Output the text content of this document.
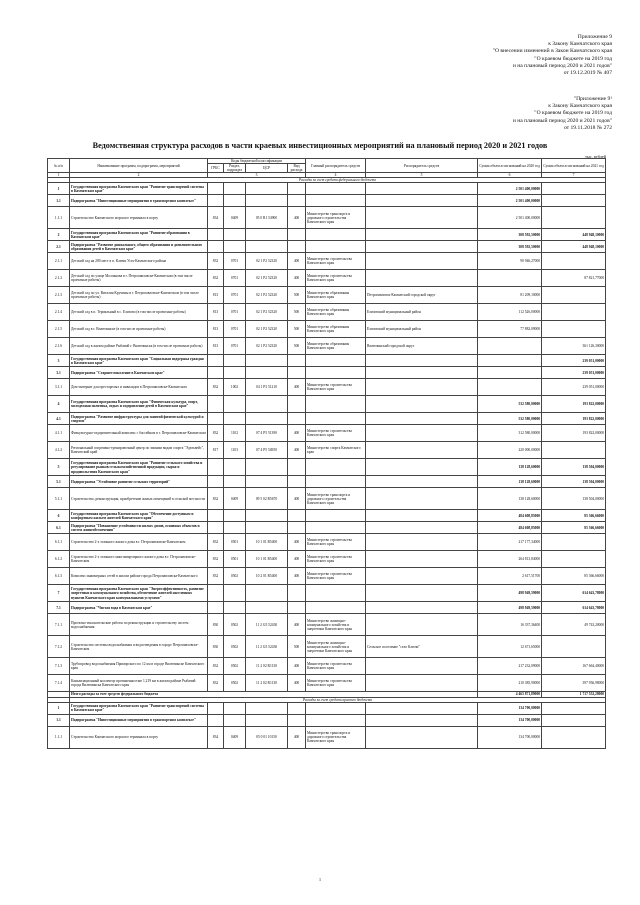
Приложение 9
к Закону Камчатского края
"О внесении изменений в Закон Камчатского края
"О краевом бюджете на 2019 год
и на плановый период 2020 и 2021 годов"
от 19.12.2019 № 407
"Приложение 9¹
к Закону Камчатского края
"О краевом бюджете на 2019 год
и на плановый период 2020 и 2021 годов"
от 19.11.2018 № 272
Ведомственная структура расходов в части краевых инвестиционных мероприятий на плановый период 2020 и 2021 годов
тыс. рублей
№ п/п	Наименование программ, подпрограмм, мероприятий	Коды бюджетной классификации				Главный распорядитель средств	Распорядитель средств	Сумма объем ассигнований на 2020 год	Сумма объем ассигнований на 2021 год	
		ГРБС	Раздел, подраздел	ЦСР	Вид расхода					
1	2	3				4	5	6	7			
	Расходы за счет средств федерального бюджета									
1	Государственная программа Камчатского края "Развитие транспортной системы в Камчатском крае"							2 501 400,00000		
1.1	Подпрограмма "Инвестиционные мероприятия в транспортном комплексе"							2 501 400,00000		
1.1.1	Строительство Камчатского морского терминала в порту	834	0409	05 0 R1 54900	400	Министерство транспорта и дорожного строительства Камчатского края		2 501 400,00000		
2	Государственная программа Камчатского края "Развитие образования в Камчатском крае"							308 592,50000	448 948,10000	
2.1	Подпрограмма "Развитие дошкольного, общего образования и дополнительного образования детей в Камчатском крае"							308 592,50000	448 948,10000	
2.1.1	Детский сад на 280 мест в п. Ключи Усть-Камчатского района	832	0701	02 1 P2 52320	400	Министерство строительства Камчатского края		90 946,27000		
2.1.2	Детский сад по улице Молчанова в г. Петропавловске-Камчатском (в том числе проектные работы)	832	0701	02 1 P2 52320	400	Министерство строительства Камчатского края			87 821,77000	
2.1.3	Детский сад по ул. Виталия Кручины в г. Петропавловске-Камчатском (в том числе проектные работы)	813	0701	02 1 P2 52320	500	Министерство образования Камчатского края	Петропавловск-Камчатский городской округ	81 209,10000		
2.1.4	Детский сад в п. Термальный в с. Елизово (в том числе проектные работы)	813	0701	02 1 P2 52320	500	Министерство образования Камчатского края	Елизовский муниципальный район	112 526,00000		
2.1.5	Детский сад в г. Вилючинске (в том числе проектные работы)	813	0701	02 1 P2 52320	500	Министерство образования Камчатского края	Елизовский муниципальный район	77 882,09000		
2.1.6	Детский сад в жилом районе Рыбачий г. Вилючинска (в том числе проектные работы)	813	0701	02 1 P2 52320	500	Министерство образования Камчатского края	Вилючинский городской округ		361 126,30000	
3	Государственная программа Камчатского края "Социальная поддержка граждан в Камчатском крае"								239 051,00000	
3.1	Подпрограмма "Старшее поколение в Камчатском крае"								239 051,00000	
3.1.1	Дом-интернат для престарелых и инвалидов в Петропавловске-Камчатском	832	1002	04 1 P3 51210	400	Министерство строительства Камчатского края			239 051,00000	
4	Государственная программа Камчатского края "Физическая культура, спорт, молодежная политика, отдых и оздоровление детей в Камчатском крае"							532 580,00000	193 822,00000	
4.1	Подпрограмма "Развитие инфраструктуры для занятий физической культурой и спортом"							532 580,00000	193 822,00000	
4.1.1	Физкультурно-оздоровительный комплекс с бассейном в г. Петропавловске-Камчатском	832	1102	07 4 P5 51390	400	Министерство строительства Камчатского края		312 580,00000	193 822,00000	
4.1.2	Региональный спортивно-тренировочный центр по зимним видам спорта "Эдельвейс", Камчатский край	817	1103	07 4 P5 54950	400	Министерство спорта Камчатского края		220 000,00000		
5	Государственная программа Камчатского края "Развитие сельского хозяйства и регулирование рынков сельскохозяйственной продукции, сырья и продовольствия Камчатского края"							138 128,60000	138 504,00000	
5.1	Подпрограмма "Устойчивое развитие сельских территорий"							138 128,60000	138 504,00000	
5.1.1	Строительство, реконструкция, приобретение жилых помещений в сельской местности	832	0409	09 5 02 R5670	400	Министерство транспорта и дорожного строительства Камчатского края		138 128,60000	138 504,00000	
6	Государственная программа Камчатского края "Обеспечение доступным и комфортным жильем жителей Камчатского края"							484 608,85000	85 366,66000	
6.1	Подпрограмма "Повышение устойчивости жилых домов, основных объектов и систем жизнеобеспечения"							484 608,85000	85 366,66000	
6.1.1	Строительство 2-х этажного жилого дома в г. Петропавловске-Камчатском	832	0501	10 1 01 R5400	400	Министерство строительства Камчатского края		217 177,34000		
6.1.2	Строительство 2-х этажного многоквартирного жилого дома в г. Петропавловске-Камчатском	832	0501	10 1 01 R5400	400	Министерство строительства Камчатского края		264 813,84000		
6.1.3	Комплекс инженерных сетей в жилом районе города Петропавловска-Камчатского	832	0502	10 2 01 R5400	400	Министерство строительства Камчатского края		2 617,51700	85 366,66000	
7	Государственная программа Камчатского края "Энергоэффективность, развитие энергетики и коммунального хозяйства, обеспечение жителей населенных пунктов Камчатского края коммунальными услугами"							498 949,59000	614 643,78000	
7.1	Подпрограмма "Чистая вода в Камчатском крае"							498 949,59000	614 643,78000	
7.1.1	Проектно-изыскательские работы по реконструкции и строительству систем водоснабжения	830	0502	11 2 G5 52430	400	Министерство жилищно-коммунального хозяйства и энергетики Камчатского края		16 337,36400	49 743,20000	
7.1.2	Строительство системы водоснабжения и водоотведения в городе Петропавловске-Камчатском	830	0502	11 2 G5 52430	500	Министерство жилищно-коммунального хозяйства и энергетики Камчатского края	Сельское поселение "село Ключи"	12 671,65000		
7.1.3	Трубопровод водоснабжения Приморского по 12 км в городе Вилючинске Камчатского края	832	0502	11 2 02 R1130	400	Министерство строительства Камчатского края		217 232,09000	167 664,40000	
7.1.4	Канализационный коллектор протяженностью 1,219 км в жилом районе Рыбачий города Вилючинска Камчатского края	832	0502	11 2 02 R1130	400	Министерство строительства Камчатского края		210 385,90000	397 936,98000	
	Итого расходы за счет средств федерального бюджета							4 465 871,89000	1 717 552,28000	
	Расходы за счет средств краевого бюджета									
1	Государственная программа Камчатского края "Развитие транспортной системы в Камчатском крае"							134 700,00000		
1.1	Подпрограмма "Инвестиционные мероприятия в транспортном комплексе"							134 700,00000		
1.1.1	Строительство Камчатского морского терминала в порту	834	0409	05 0 01 10150	400	Министерство транспорта и дорожного строительства Камчатского края		134 700,00000		
1
